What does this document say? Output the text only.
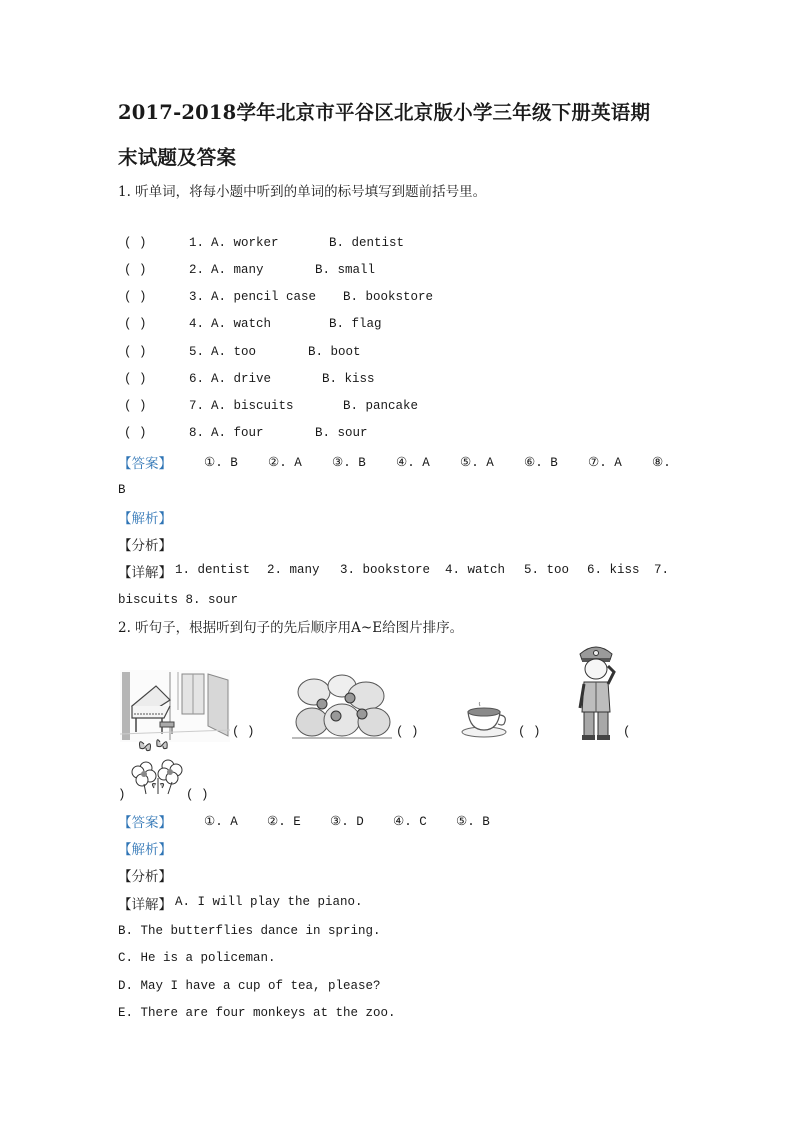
2017-2018学年北京市平谷区北京版小学三年级下册英语期
末试题及答案
1. 听单词，将每小题中听到的单词的标号填写到题前括号里。
( )	1. A. worker	B. dentist
( )	2. A. many	B. small
( )	3. A. pencil case B. bookstore
( )	4. A. watch	B. flag
( )	5. A. too	B. boot
( )	6. A. drive	B. kiss
( )	7. A. biscuits	B. pancake
( )	8. A. four	B. sour
【答案】	①. B ②. A ③. B ④. A ⑤. A ⑥. B ⑦. A ⑧.
B
【解析】
【分析】
【详解】 1. dentist 2. many 3. bookstore 4. watch 5. too 6. kiss 7.
biscuits 8. sour
2. 听句子，根据听到句子的先后顺序用A~E给图片排序。
( )	( )	( )	(
)	( )
【答案】	①. A ②. E ③. D ④. C ⑤. B
【解析】
【分析】
【详解】 A. I will play the piano.
B. The butterflies dance in spring.
C. He is a policeman.
D. May I have a cup of tea, please?
E. There are four monkeys at the zoo.
